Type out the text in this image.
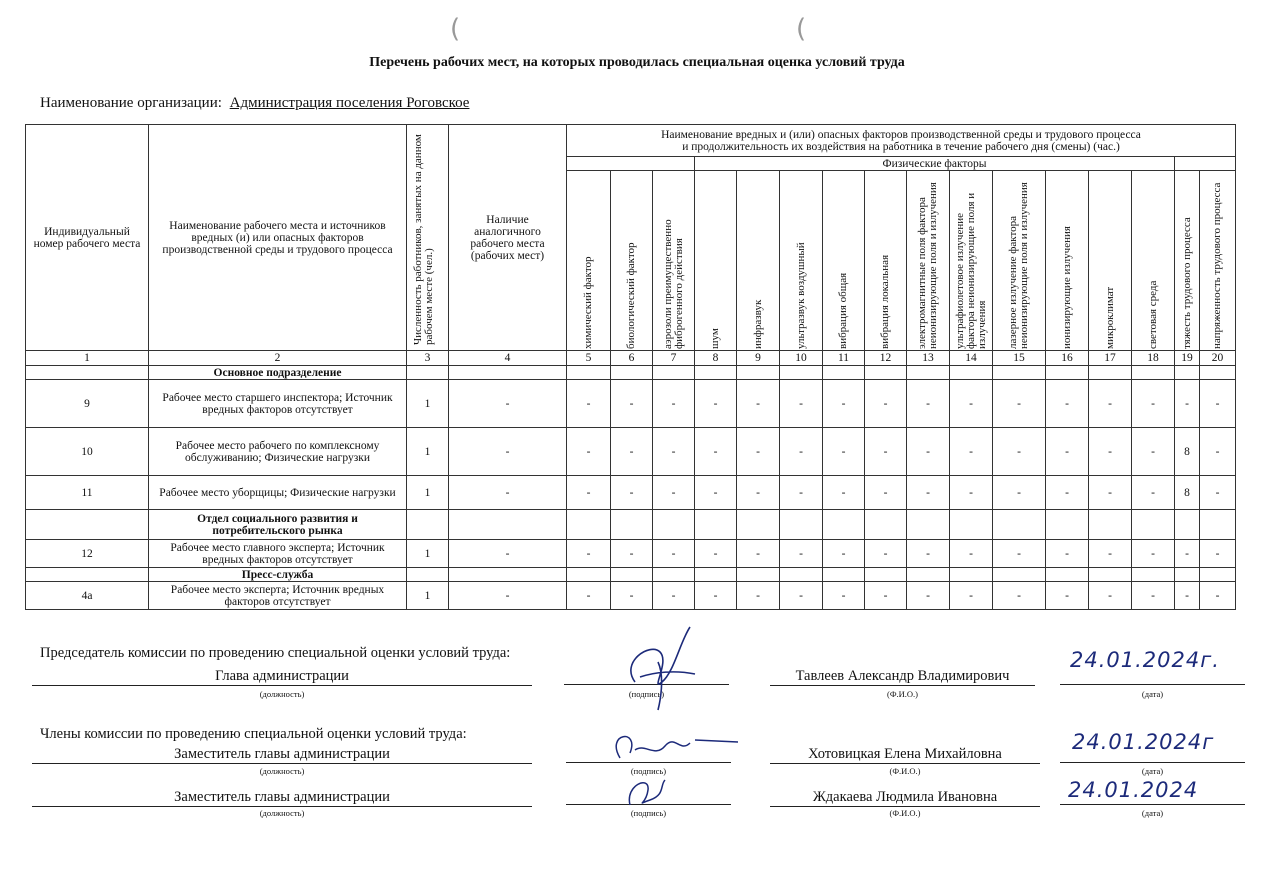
(	(
Перечень рабочих мест, на которых проводилась специальная оценка условий труда
Наименование организации: Администрация поселения Роговское
Индивидуальный номер рабочего места	Наименование рабочего места и источников вредных (и) или опасных факторов производственной среды и трудового процесса	Численность работников, занятых на данном рабочем месте (чел.)	Наличие аналогичного рабочего места (рабочих мест)	Наименование вредных и (или) опасных факторов производственной среды и трудового процесса
и продолжительность их воздействия на работника в течение рабочего дня (смены) (час.)															

							Физические факторы												

				химический фактор	биологический фактор	аэрозоли преимущественно фиброгенного действия	шум	инфразвук	ультразвук воздушный	вибрация общая	вибрация локальная	электромагнитные поля фактора неионизирующие поля и излучения	ультрафиолетовое излучение фактора неионизирующие поля и излучения	лазерное излучение фактора неионизирующие поля и излучения	ионизирующие излучения	микроклимат	световая среда	тяжесть трудового процесса	напряженность трудового процесса

1	2	3	4	5	6	7	8	9	10	11	12	13	14	15	16	17	18	19	20
	Основное подразделение																		
9	Рабочее место старшего инспектора; Источник вредных факторов отсутствует	1	-	-	-	-	-	-	-	-	-	-	-	-	-	-	-	-	-
10	Рабочее место рабочего по комплексному обслуживанию; Физические нагрузки	1	-	-	-	-	-	-	-	-	-	-	-	-	-	-	-	8	-
11	Рабочее место уборщицы; Физические нагрузки	1	-	-	-	-	-	-	-	-	-	-	-	-	-	-	-	8	-
	Отдел социального развития и потребительского рынка																		
12	Рабочее место главного эксперта; Источник вредных факторов отсутствует	1	-	-	-	-	-	-	-	-	-	-	-	-	-	-	-	-	-
	Пресс-служба																		
4а	Рабочее место эксперта; Источник вредных факторов отсутствует	1	-	-	-	-	-	-	-	-	-	-	-	-	-	-	-	-	-
Председатель комиссии по проведению специальной оценки условий труда:
Глава администрации
(должность)	(подпись)
Тавлеев Александр Владимирович
(Ф.И.О.)
24.01.2024г.
(дата)
Члены комиссии по проведению специальной оценки условий труда:
Заместитель главы администрации
(должность)	(подпись)
Хотовицкая Елена Михайловна
(Ф.И.О.)
24.01.2024г
(дата)
Заместитель главы администрации
(должность)	(подпись)
Ждакаева Людмила Ивановна
(Ф.И.О.)
24.01.2024
(дата)
